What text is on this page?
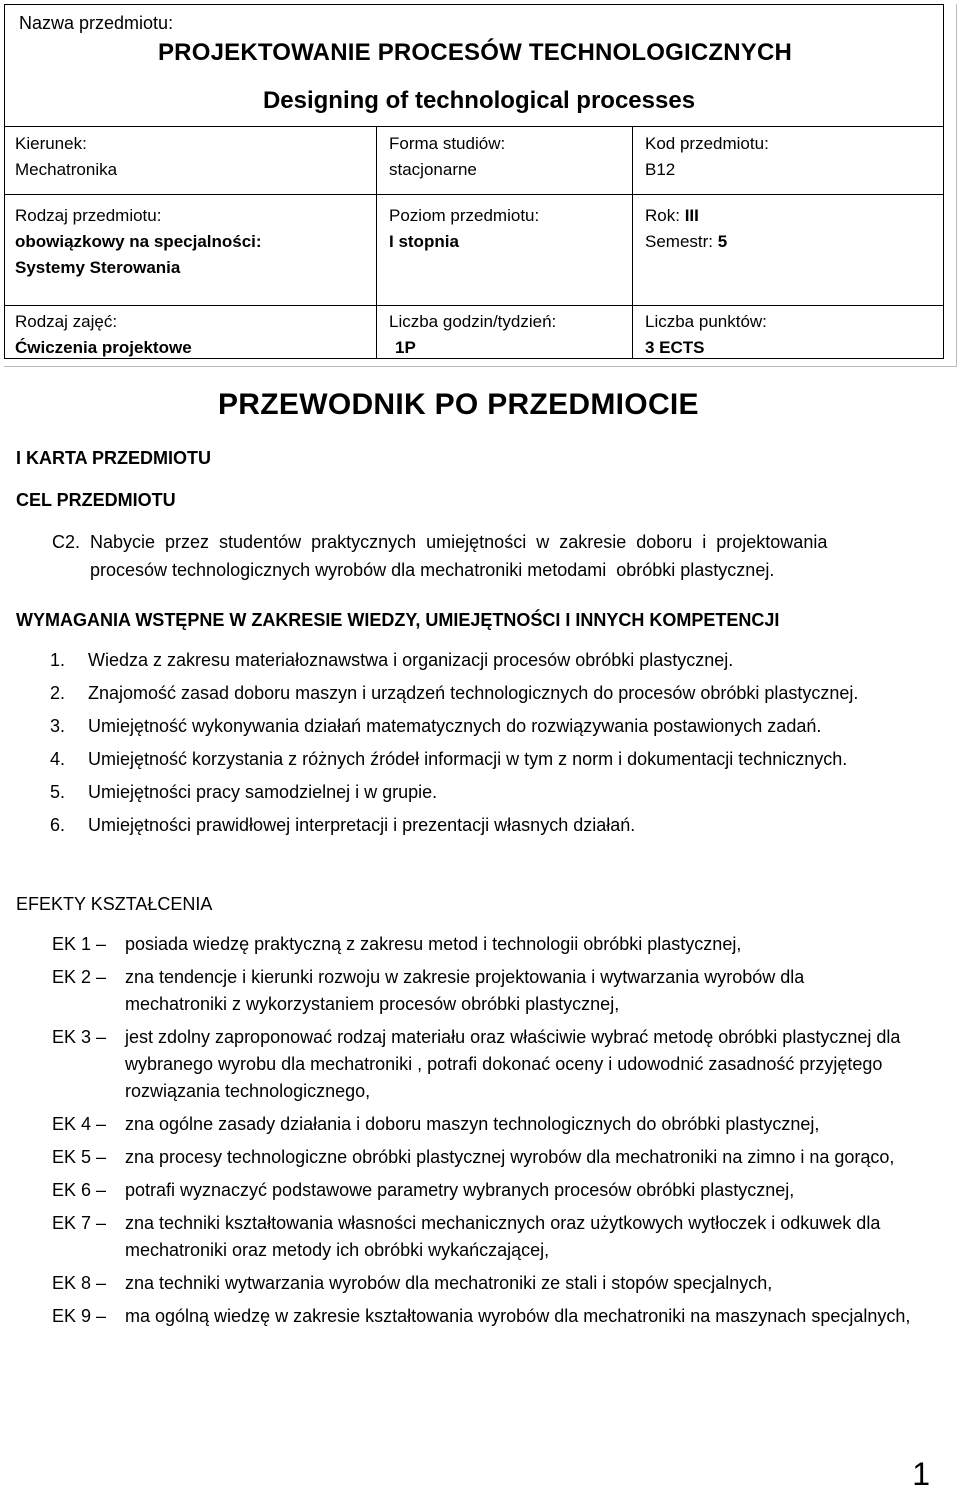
Nazwa przedmiotu:
PROJEKTOWANIE PROCESÓW TECHNOLOGICZNYCH
Designing of technological processes
Kierunek:
Mechatronika
Forma studiów:
stacjonarne
Kod przedmiotu:
B12
Rodzaj przedmiotu:
obowiązkowy na specjalności:
Systemy Sterowania
Poziom przedmiotu:
I stopnia
Rok: III
Semestr: 5
Rodzaj zajęć:
Ćwiczenia projektowe
Liczba godzin/tydzień:
1P
Liczba punktów:
3 ECTS
PRZEWODNIK PO PRZEDMIOCIE
I KARTA PRZEDMIOTU
CEL PRZEDMIOTU
C2. Nabycie  przez  studentów  praktycznych  umiejętności  w  zakresie  doboru  i  projektowania
procesów technologicznych wyrobów dla mechatroniki metodami  obróbki plastycznej.
WYMAGANIA WSTĘPNE W ZAKRESIE WIEDZY, UMIEJĘTNOŚCI I INNYCH KOMPETENCJI
1. Wiedza z zakresu materiałoznawstwa i organizacji procesów obróbki plastycznej.
2. Znajomość zasad doboru maszyn i urządzeń technologicznych do procesów obróbki plastycznej.
3. Umiejętność wykonywania działań matematycznych do rozwiązywania postawionych zadań.
4. Umiejętność korzystania z różnych źródeł informacji w tym z norm i dokumentacji technicznych.
5. Umiejętności pracy samodzielnej i w grupie.
6. Umiejętności prawidłowej interpretacji i prezentacji własnych działań.
EFEKTY KSZTAŁCENIA
EK 1 – posiada wiedzę praktyczną z zakresu metod i technologii obróbki plastycznej,
EK 2 – zna tendencje i kierunki rozwoju w zakresie projektowania i wytwarzania wyrobów dla mechatroniki z wykorzystaniem procesów obróbki plastycznej,
EK 3 – jest zdolny zaproponować rodzaj materiału oraz właściwie wybrać metodę obróbki plastycznej dla wybranego wyrobu dla mechatroniki , potrafi dokonać oceny i udowodnić zasadność przyjętego rozwiązania technologicznego,
EK 4 – zna ogólne zasady działania i doboru maszyn technologicznych do obróbki plastycznej,
EK 5 – zna procesy technologiczne obróbki plastycznej wyrobów dla mechatroniki na zimno i na gorąco,
EK 6 – potrafi wyznaczyć podstawowe parametry wybranych procesów obróbki plastycznej,
EK 7 – zna techniki kształtowania własności mechanicznych oraz użytkowych wytłoczek i odkuwek dla mechatroniki oraz metody ich obróbki wykańczającej,
EK 8 – zna techniki wytwarzania wyrobów dla mechatroniki ze stali i stopów specjalnych,
EK 9 – ma ogólną wiedzę w zakresie kształtowania wyrobów dla mechatroniki na maszynach specjalnych,
1
